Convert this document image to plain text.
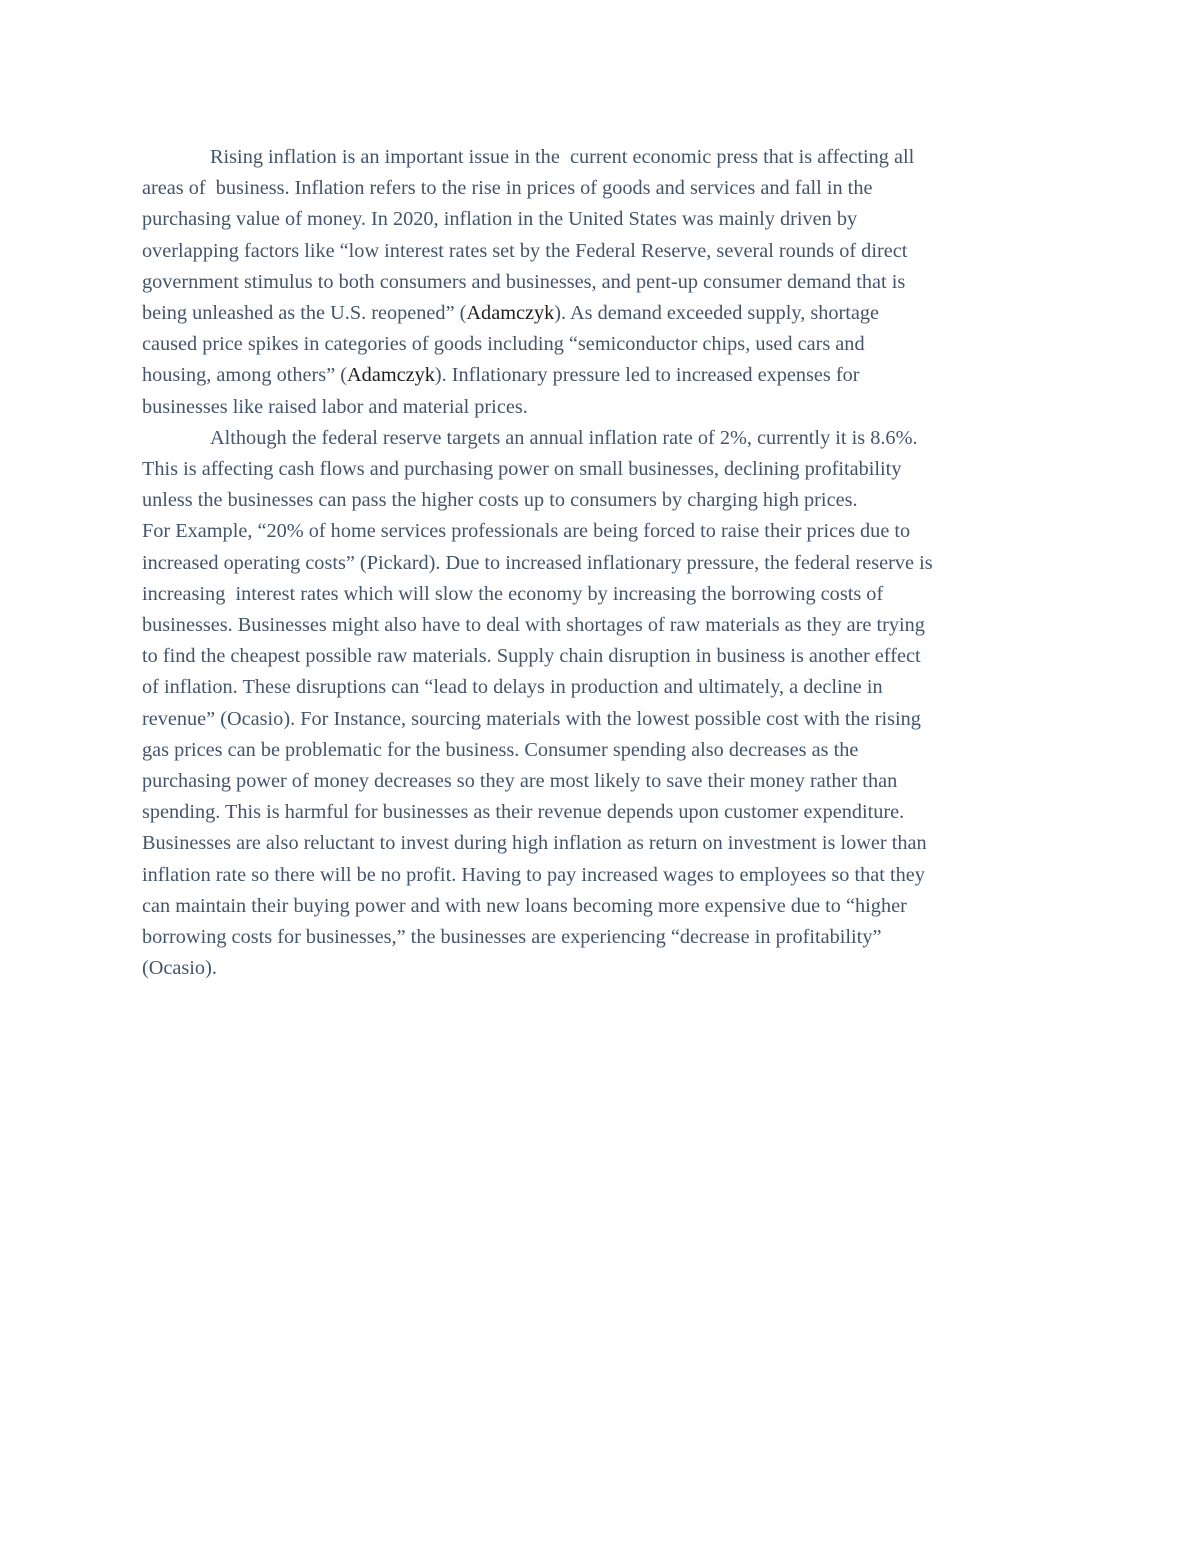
Rising inflation is an important issue in the  current economic press that is affecting all
areas of  business. Inflation refers to the rise in prices of goods and services and fall in the
purchasing value of money. In 2020, inflation in the United States was mainly driven by
overlapping factors like “low interest rates set by the Federal Reserve, several rounds of direct
government stimulus to both consumers and businesses, and pent-up consumer demand that is
being unleashed as the U.S. reopened” (Adamczyk). As demand exceeded supply, shortage
caused price spikes in categories of goods including “semiconductor chips, used cars and
housing, among others” (Adamczyk). Inflationary pressure led to increased expenses for
businesses like raised labor and material prices.

Although the federal reserve targets an annual inflation rate of 2%, currently it is 8.6%.
This is affecting cash flows and purchasing power on small businesses, declining profitability
unless the businesses can pass the higher costs up to consumers by charging high prices.
For Example, “20% of home services professionals are being forced to raise their prices due to
increased operating costs” (Pickard). Due to increased inflationary pressure, the federal reserve is
increasing  interest rates which will slow the economy by increasing the borrowing costs of
businesses. Businesses might also have to deal with shortages of raw materials as they are trying
to find the cheapest possible raw materials. Supply chain disruption in business is another effect
of inflation. These disruptions can “lead to delays in production and ultimately, a decline in
revenue” (Ocasio). For Instance, sourcing materials with the lowest possible cost with the rising
gas prices can be problematic for the business. Consumer spending also decreases as the
purchasing power of money decreases so they are most likely to save their money rather than
spending. This is harmful for businesses as their revenue depends upon customer expenditure.
Businesses are also reluctant to invest during high inflation as return on investment is lower than
inflation rate so there will be no profit. Having to pay increased wages to employees so that they
can maintain their buying power and with new loans becoming more expensive due to “higher
borrowing costs for businesses,” the businesses are experiencing “decrease in profitability”
(Ocasio).
